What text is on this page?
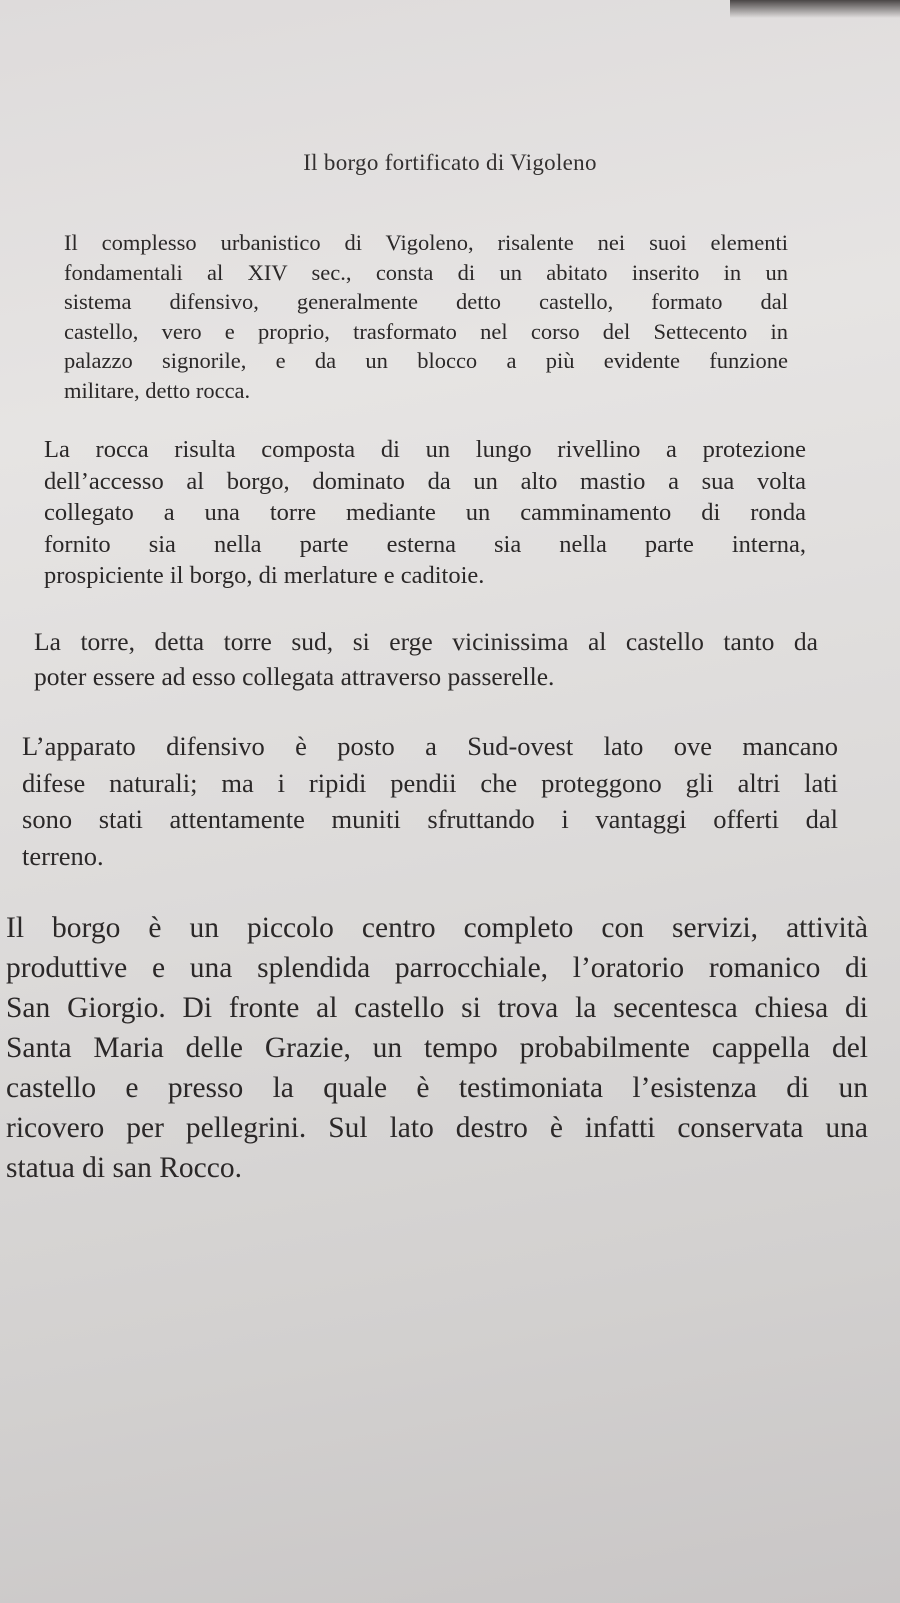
Il borgo fortificato di Vigoleno
Il complesso urbanistico di Vigoleno, risalente nei suoi elementi
fondamentali al XIV sec., consta di un abitato inserito in un
sistema difensivo, generalmente detto castello, formato dal
castello, vero e proprio, trasformato nel corso del Settecento in
palazzo signorile, e da un blocco a più evidente funzione
militare, detto rocca.
La rocca risulta composta di un lungo rivellino a protezione
dell’accesso al borgo, dominato da un alto mastio a sua volta
collegato a una torre mediante un camminamento di ronda
fornito sia nella parte esterna sia nella parte interna,
prospiciente il borgo, di merlature e caditoie.
La torre, detta torre sud, si erge vicinissima al castello tanto da
poter essere ad esso collegata attraverso passerelle.
L’apparato difensivo è posto a Sud-ovest lato ove mancano
difese naturali; ma i ripidi pendii che proteggono gli altri lati
sono stati attentamente muniti sfruttando i vantaggi offerti dal
terreno.
Il borgo è un piccolo centro completo con servizi, attività
produttive e una splendida parrocchiale, l’oratorio romanico di
San Giorgio. Di fronte al castello si trova la secentesca chiesa di
Santa Maria delle Grazie, un tempo probabilmente cappella del
castello e presso la quale è testimoniata l’esistenza di un
ricovero per pellegrini. Sul lato destro è infatti conservata una
statua di san Rocco.
